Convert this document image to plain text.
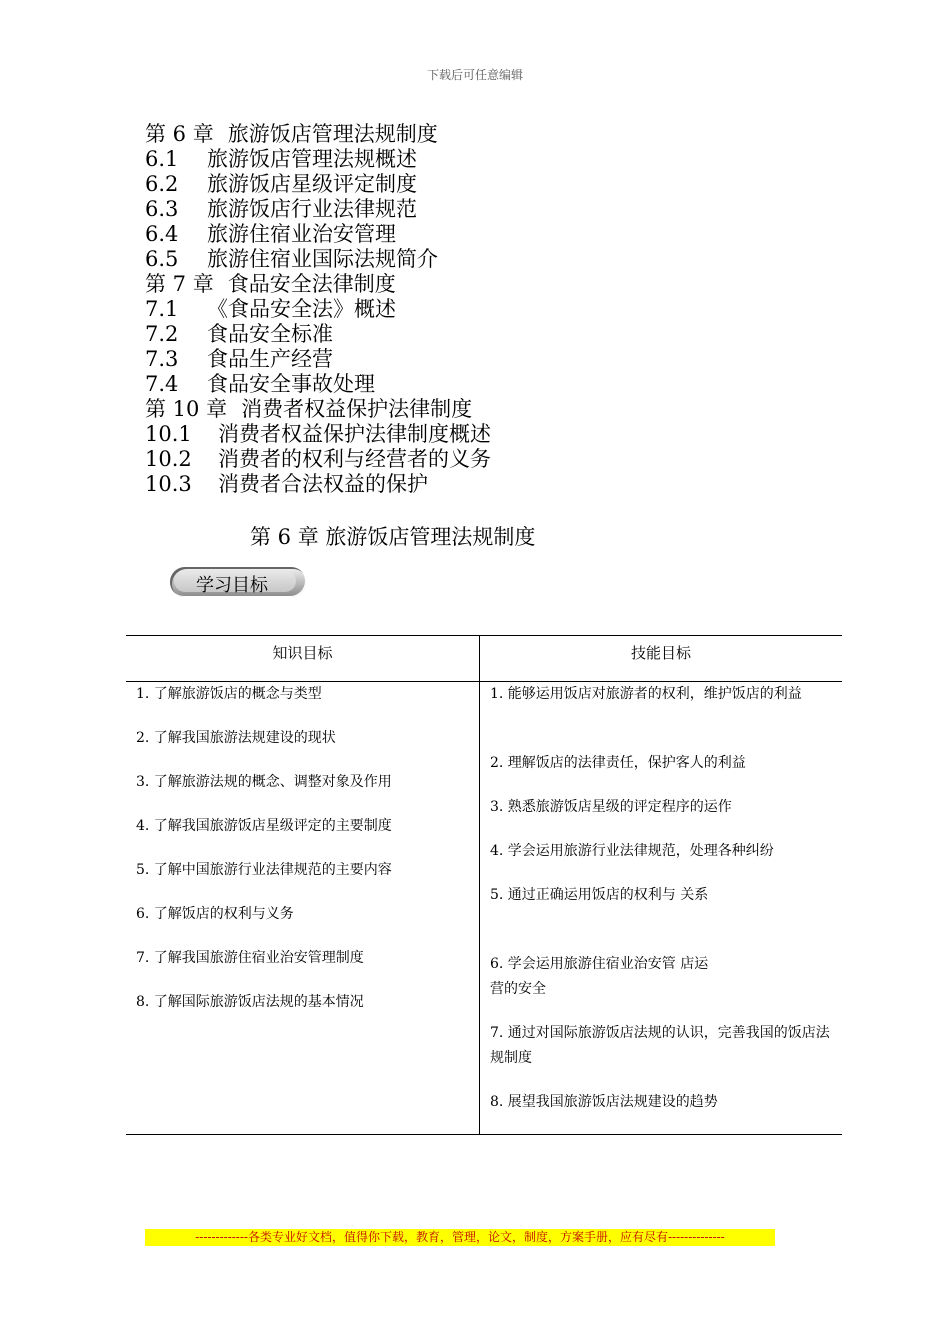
下载后可任意编辑
第 6 章 旅游饭店管理法规制度
6.1 旅游饭店管理法规概述
6.2 旅游饭店星级评定制度
6.3 旅游饭店行业法律规范
6.4 旅游住宿业治安管理
6.5 旅游住宿业国际法规简介
第 7 章 食品安全法律制度
7.1 《食品安全法》概述
7.2 食品安全标准
7.3 食品生产经营
7.4 食品安全事故处理
第 10 章 消费者权益保护法律制度
10.1 消费者权益保护法律制度概述
10.2 消费者的权利与经营者的义务
10.3 消费者合法权益的保护
第 6 章 旅游饭店管理法规制度
学习目标
知识目标	技能目标
1. 了解旅游饭店的概念与类型
2. 了解我国旅游法规建设的现状
3. 了解旅游法规的概念、调整对象及作用
4. 了解我国旅游饭店星级评定的主要制度
5. 了解中国旅游行业法律规范的主要内容
6. 了解饭店的权利与义务
7. 了解我国旅游住宿业治安管理制度
8. 了解国际旅游饭店法规的基本情况
1. 能够运用饭店对旅游者的权利，维护饭店的利益
2. 理解饭店的法律责任，保护客人的利益
3. 熟悉旅游饭店星级的评定程序的运作
4. 学会运用旅游行业法律规范，处理各种纠纷
5. 通过正确运用饭店的权利与 关系
6. 学会运用旅游住宿业治安管 店运营的安全
7. 通过对国际旅游饭店法规的认识，完善我国的饭店法规制度
8. 展望我国旅游饭店法规建设的趋势
-------------各类专业好文档，值得你下载，教育，管理，论文，制度，方案手册，应有尽有--------------
